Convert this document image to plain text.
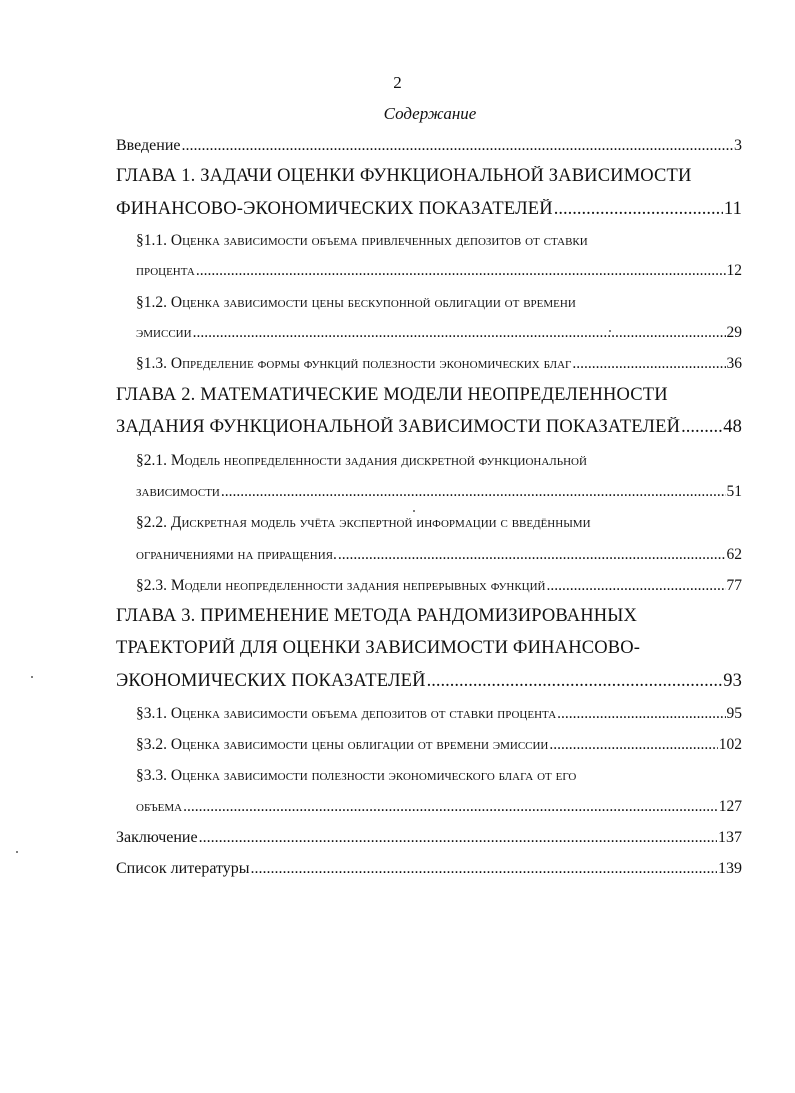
2
Содержание
Введение .....	3
ГЛАВА 1. ЗАДАЧИ ОЦЕНКИ ФУНКЦИОНАЛЬНОЙ ЗАВИСИМОСТИ
ФИНАНСОВО-ЭКОНОМИЧЕСКИХ ПОКАЗАТЕЛЕЙ .....	11
§1.1. Оценка зависимости объема привлеченных депозитов от ставки
процента .....	12
§1.2. Оценка зависимости цены бескупонной облигации от времени
эмиссии .....	29
§1.3. Определение формы функций полезности экономических благ .....	36
ГЛАВА 2. МАТЕМАТИЧЕСКИЕ МОДЕЛИ НЕОПРЕДЕЛЕННОСТИ
ЗАДАНИЯ ФУНКЦИОНАЛЬНОЙ ЗАВИСИМОСТИ ПОКАЗАТЕЛЕЙ ..... 48
§2.1. Модель неопределенности задания дискретной функциональной
зависимости .....	51
§2.2. Дискретная модель учёта экспертной информации с введёнными
ограничениями на приращения. .....	62
§2.3. Модели неопределенности задания непрерывных функций .....	77
ГЛАВА 3. ПРИМЕНЕНИЕ МЕТОДА РАНДОМИЗИРОВАННЫХ
ТРАЕКТОРИЙ ДЛЯ ОЦЕНКИ ЗАВИСИМОСТИ ФИНАНСОВО-
ЭКОНОМИЧЕСКИХ ПОКАЗАТЕЛЕЙ .....	93
§3.1. Оценка зависимости объема депозитов от ставки процента .....	95
§3.2. Оценка зависимости цены облигации от времени эмиссии .....	102
§3.3. Оценка зависимости полезности экономического блага от его
объема .....	127
Заключение .....	137
Список литературы .....	139
